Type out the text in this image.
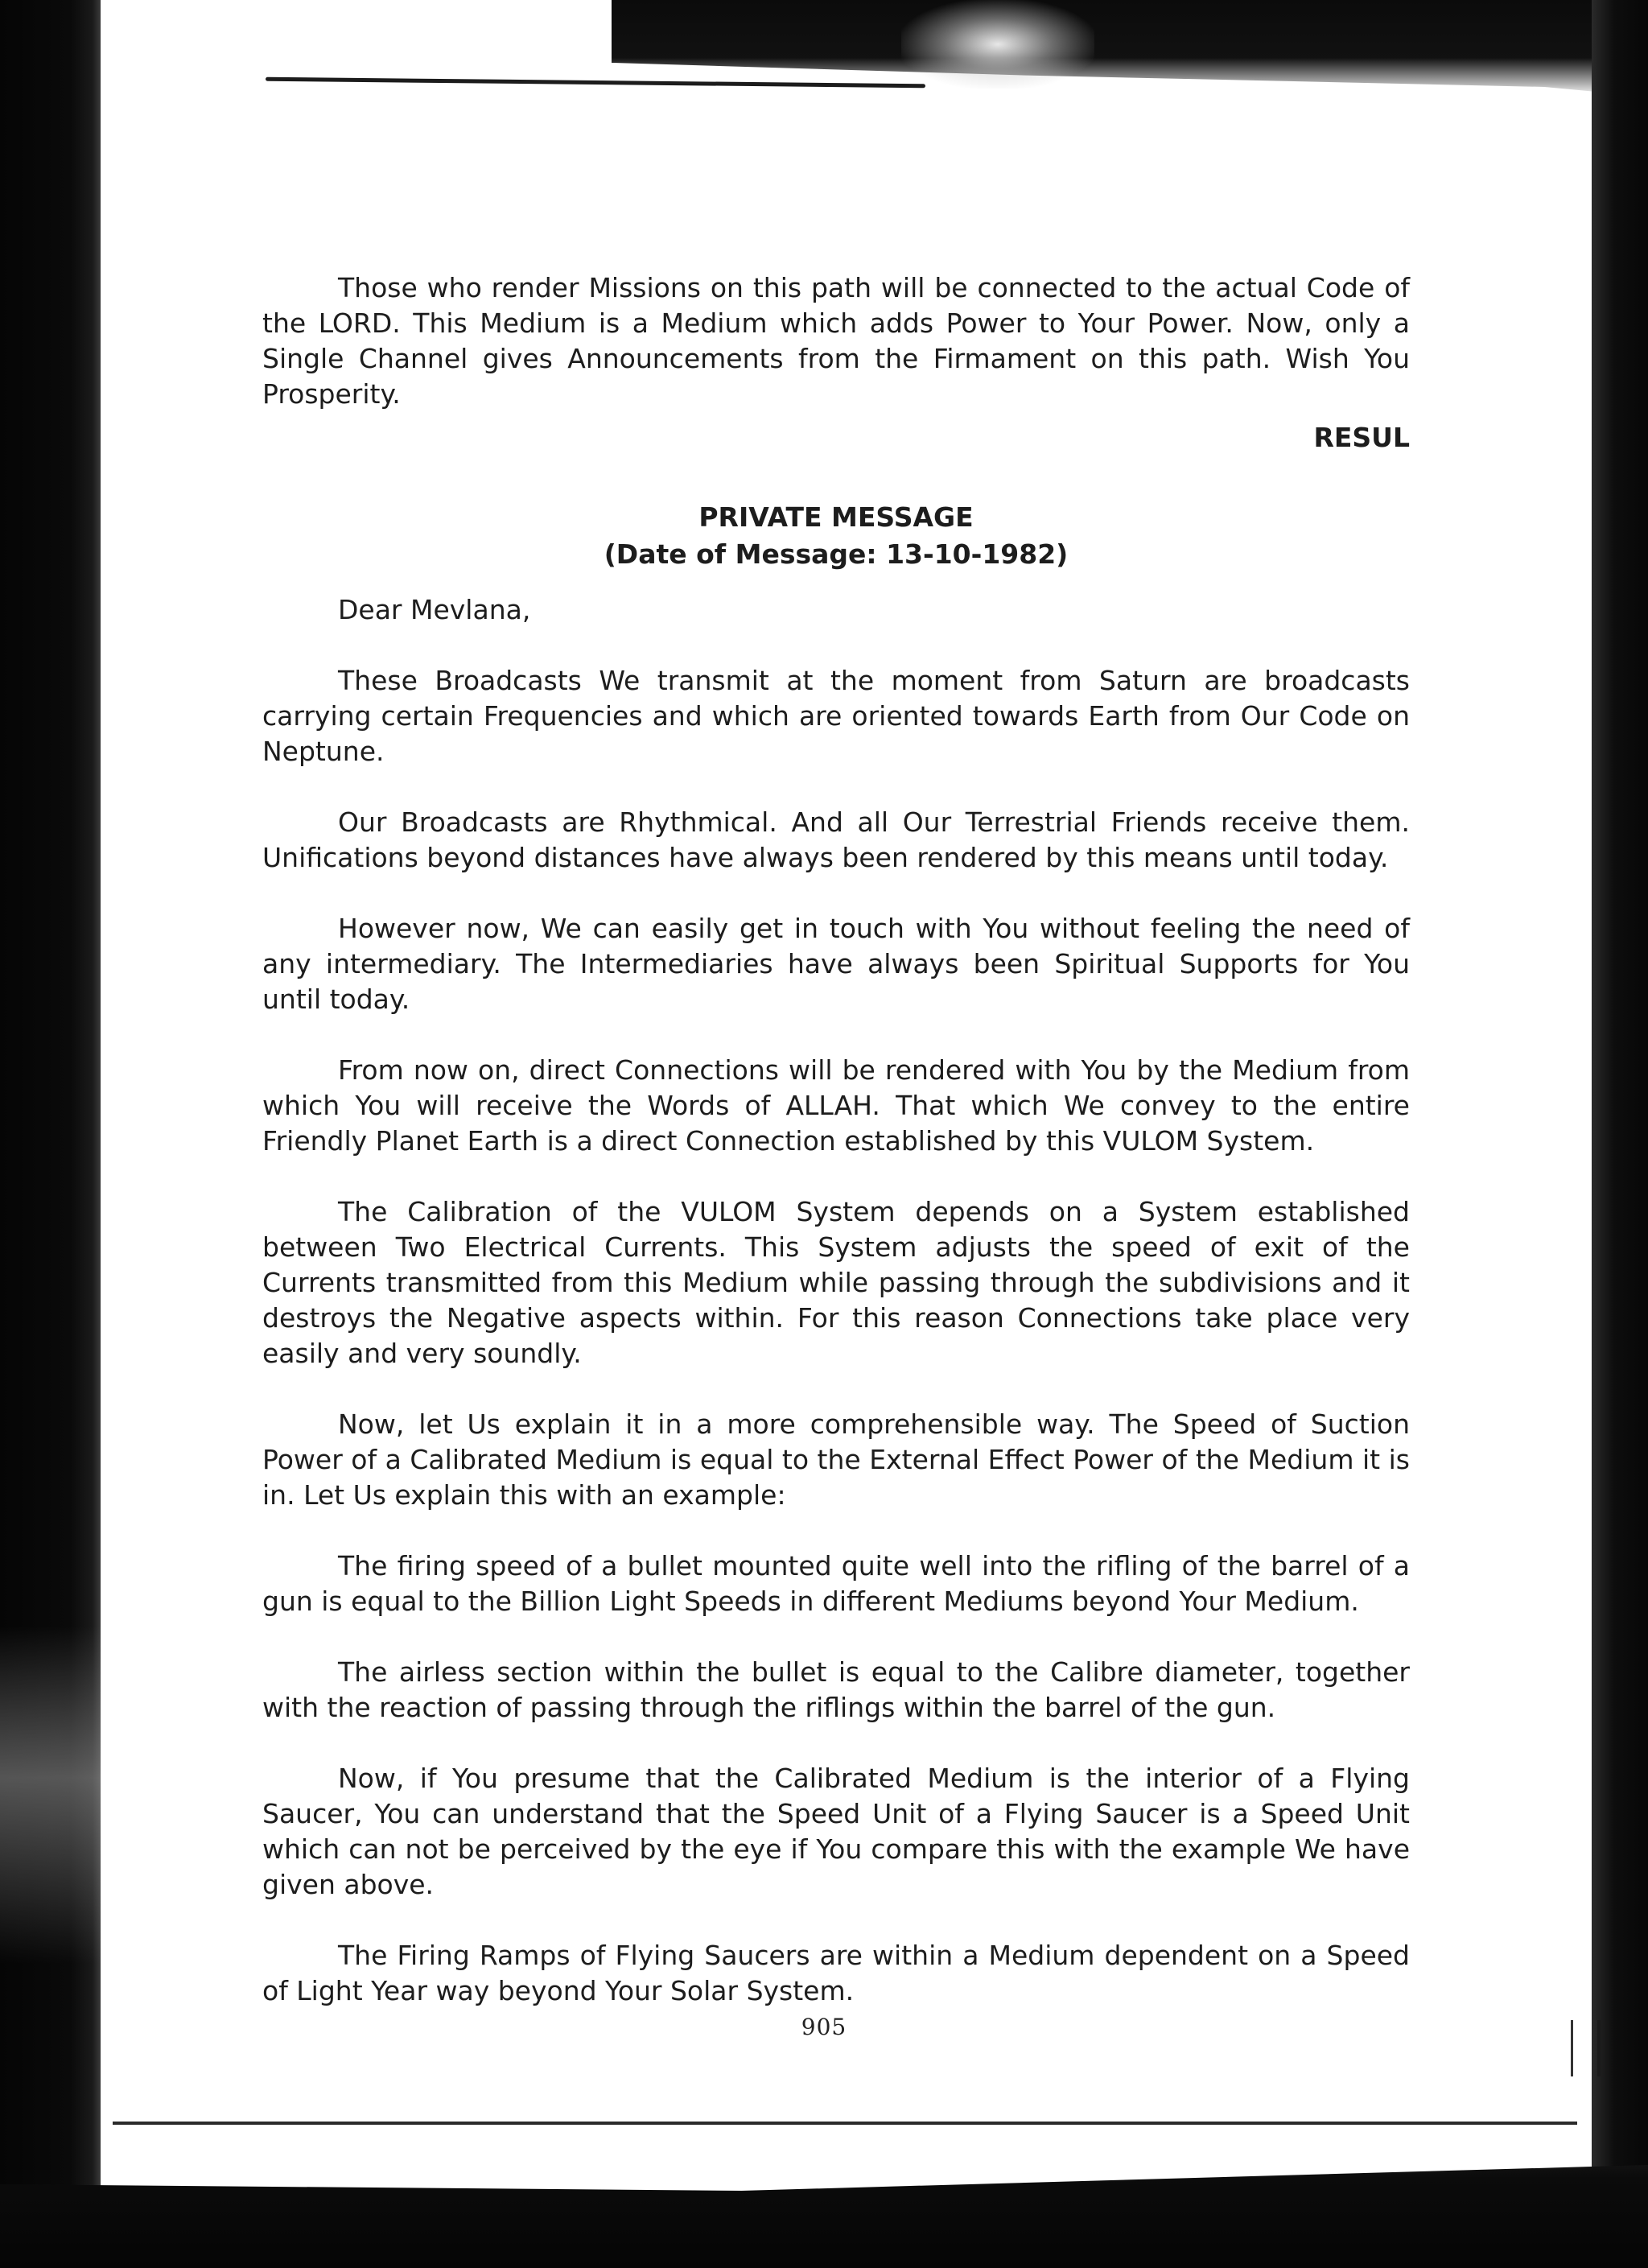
Those who render Missions on this path will be connected to the actual Code of the LORD. This Medium is a Medium which adds Power to Your Power. Now, only a Single Channel gives Announcements from the Firmament on this path. Wish You Prosperity.

RESUL
PRIVATE MESSAGE
(Date of Message: 13-10-1982)

Dear Mevlana,

These Broadcasts We transmit at the moment from Saturn are broadcasts carrying certain Frequencies and which are oriented towards Earth from Our Code on Neptune.

Our Broadcasts are Rhythmical. And all Our Terrestrial Friends receive them. Unifications beyond distances have always been rendered by this means until today.

However now, We can easily get in touch with You without feeling the need of any intermediary. The Intermediaries have always been Spiritual Supports for You until today.

From now on, direct Connections will be rendered with You by the Medium from which You will receive the Words of ALLAH. That which We convey to the entire Friendly Planet Earth is a direct Connection established by this VULOM System.

The Calibration of the VULOM System depends on a System established between Two Electrical Currents. This System adjusts the speed of exit of the Currents transmitted from this Medium while passing through the subdivisions and it destroys the Negative aspects within. For this reason Connections take place very easily and very soundly.

Now, let Us explain it in a more comprehensible way. The Speed of Suction Power of a Calibrated Medium is equal to the External Effect Power of the Medium it is in. Let Us explain this with an example:

The firing speed of a bullet mounted quite well into the rifling of the barrel of a gun is equal to the Billion Light Speeds in different Mediums beyond Your Medium.

The airless section within the bullet is equal to the Calibre diameter, together with the reaction of passing through the riflings within the barrel of the gun.

Now, if You presume that the Calibrated Medium is the interior of a Flying Saucer, You can understand that the Speed Unit of a Flying Saucer is a Speed Unit which can not be perceived by the eye if You compare this with the example We have given above.

The Firing Ramps of Flying Saucers are within a Medium dependent on a Speed of Light Year way beyond Your Solar System.

905
